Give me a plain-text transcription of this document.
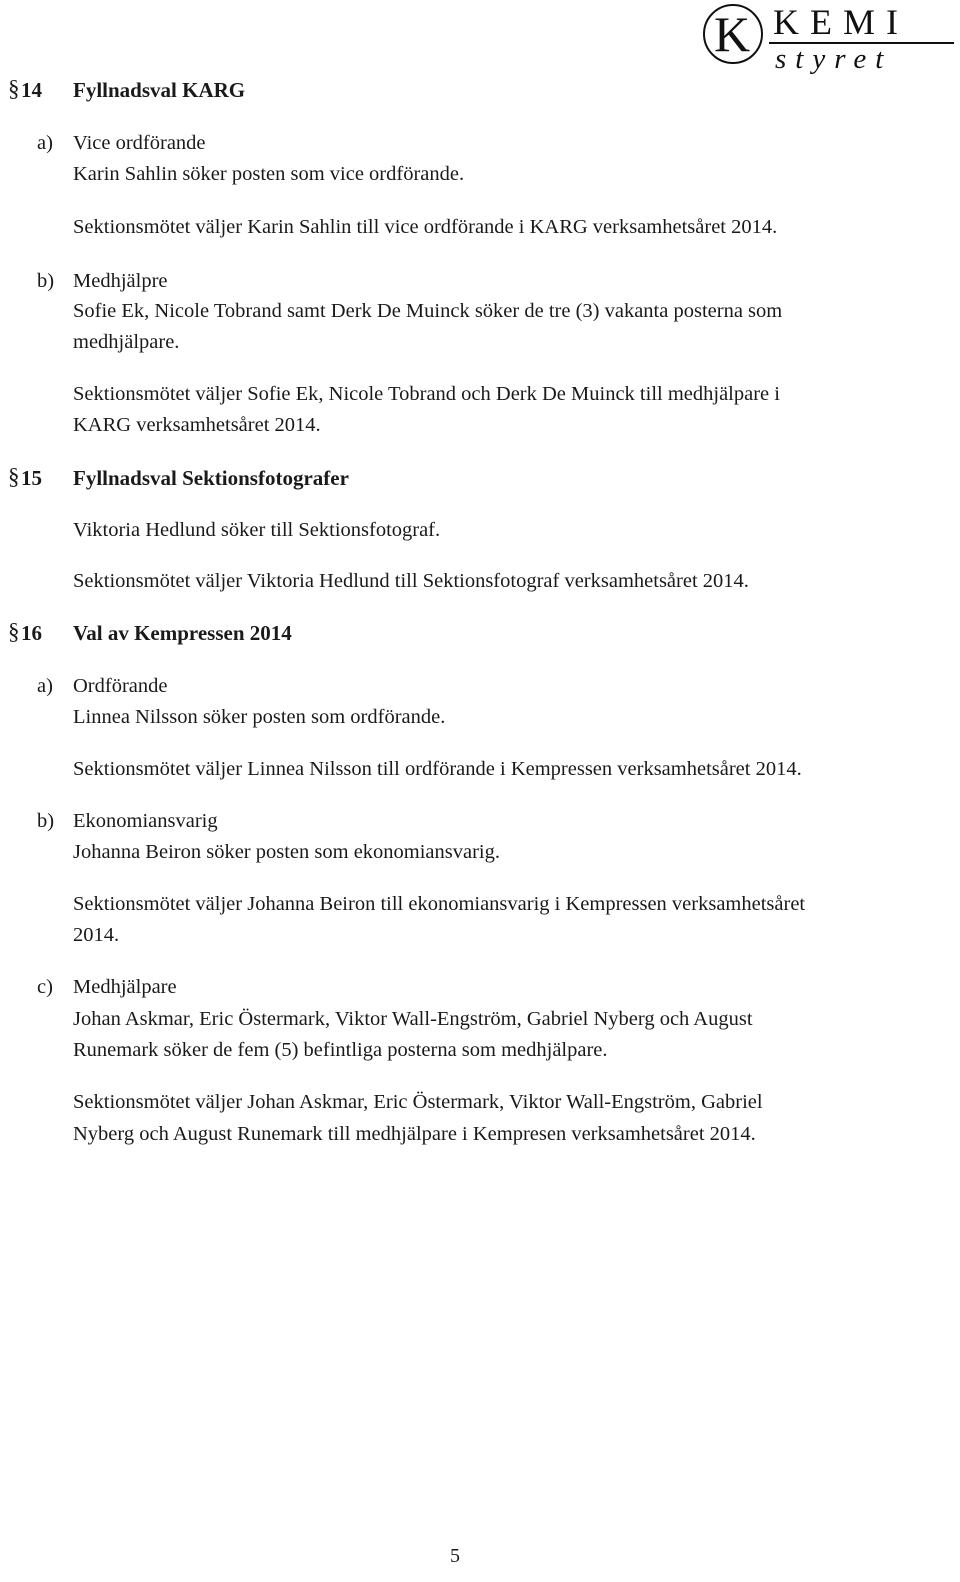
K KEMI
styret
§ 14 Fyllnadsval KARG
a) Vice ordförande
Karin Sahlin söker posten som vice ordförande.
Sektionsmötet väljer Karin Sahlin till vice ordförande i KARG verksamhetsåret 2014.
b) Medhjälpre
Sofie Ek, Nicole Tobrand samt Derk De Muinck söker de tre (3) vakanta posterna som
medhjälpare.
Sektionsmötet väljer Sofie Ek, Nicole Tobrand och Derk De Muinck till medhjälpare i
KARG verksamhetsåret 2014.
§ 15 Fyllnadsval Sektionsfotografer
Viktoria Hedlund söker till Sektionsfotograf.
Sektionsmötet väljer Viktoria Hedlund till Sektionsfotograf verksamhetsåret 2014.
§ 16 Val av Kempressen 2014
a) Ordförande
Linnea Nilsson söker posten som ordförande.
Sektionsmötet väljer Linnea Nilsson till ordförande i Kempressen verksamhetsåret 2014.
b) Ekonomiansvarig
Johanna Beiron söker posten som ekonomiansvarig.
Sektionsmötet väljer Johanna Beiron till ekonomiansvarig i Kempressen verksamhetsåret
2014.
c) Medhjälpare
Johan Askmar, Eric Östermark, Viktor Wall-Engström, Gabriel Nyberg och August
Runemark söker de fem (5) befintliga posterna som medhjälpare.
Sektionsmötet väljer Johan Askmar, Eric Östermark, Viktor Wall-Engström, Gabriel
Nyberg och August Runemark till medhjälpare i Kempresen verksamhetsåret 2014.
5
